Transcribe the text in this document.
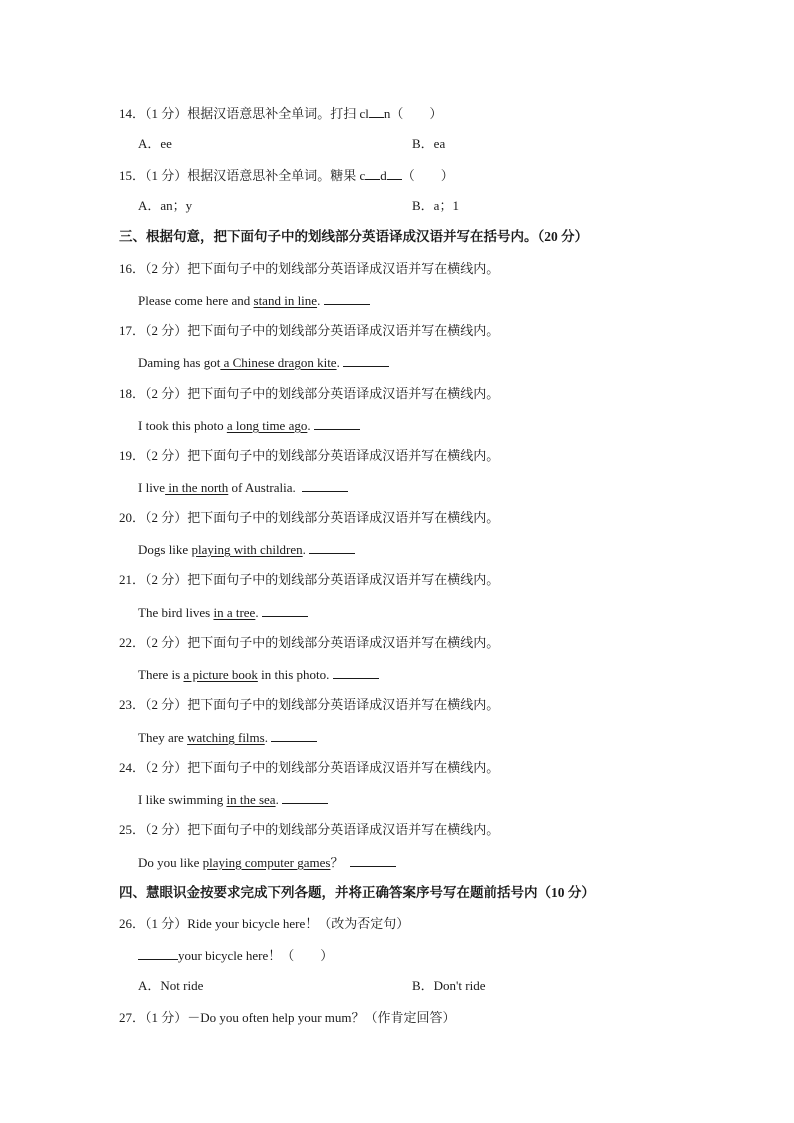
14．（1 分）根据汉语意思补全单词。打扫 cl n（　　）
A．ee	B．ea
15．（1 分）根据汉语意思补全单词。糖果 c d （　　）
A．an；y	B．a；1
三、根据句意，把下面句子中的划线部分英语译成汉语并写在括号内。（20 分）
16．（2 分）把下面句子中的划线部分英语译成汉语并写在横线内。
Please come here and stand in line.
17．（2 分）把下面句子中的划线部分英语译成汉语并写在横线内。
Daming has got a Chinese dragon kite.
18．（2 分）把下面句子中的划线部分英语译成汉语并写在横线内。
I took this photo a long time ago.
19．（2 分）把下面句子中的划线部分英语译成汉语并写在横线内。
I live in the north of Australia.
20．（2 分）把下面句子中的划线部分英语译成汉语并写在横线内。
Dogs like playing with children.
21．（2 分）把下面句子中的划线部分英语译成汉语并写在横线内。
The bird lives in a tree.
22．（2 分）把下面句子中的划线部分英语译成汉语并写在横线内。
There is a picture book in this photo.
23．（2 分）把下面句子中的划线部分英语译成汉语并写在横线内。
They are watching films.
24．（2 分）把下面句子中的划线部分英语译成汉语并写在横线内。
I like swimming in the sea.
25．（2 分）把下面句子中的划线部分英语译成汉语并写在横线内。
Do you like playing computer games？
四、慧眼识金按要求完成下列各题，并将正确答案序号写在题前括号内（10 分）
26．（1 分）Ride your bicycle here！（改为否定句）
your bicycle here！（　　）
A．Not ride	B．Don't ride
27．（1 分）－Do you often help your mum？（作肯定回答）
